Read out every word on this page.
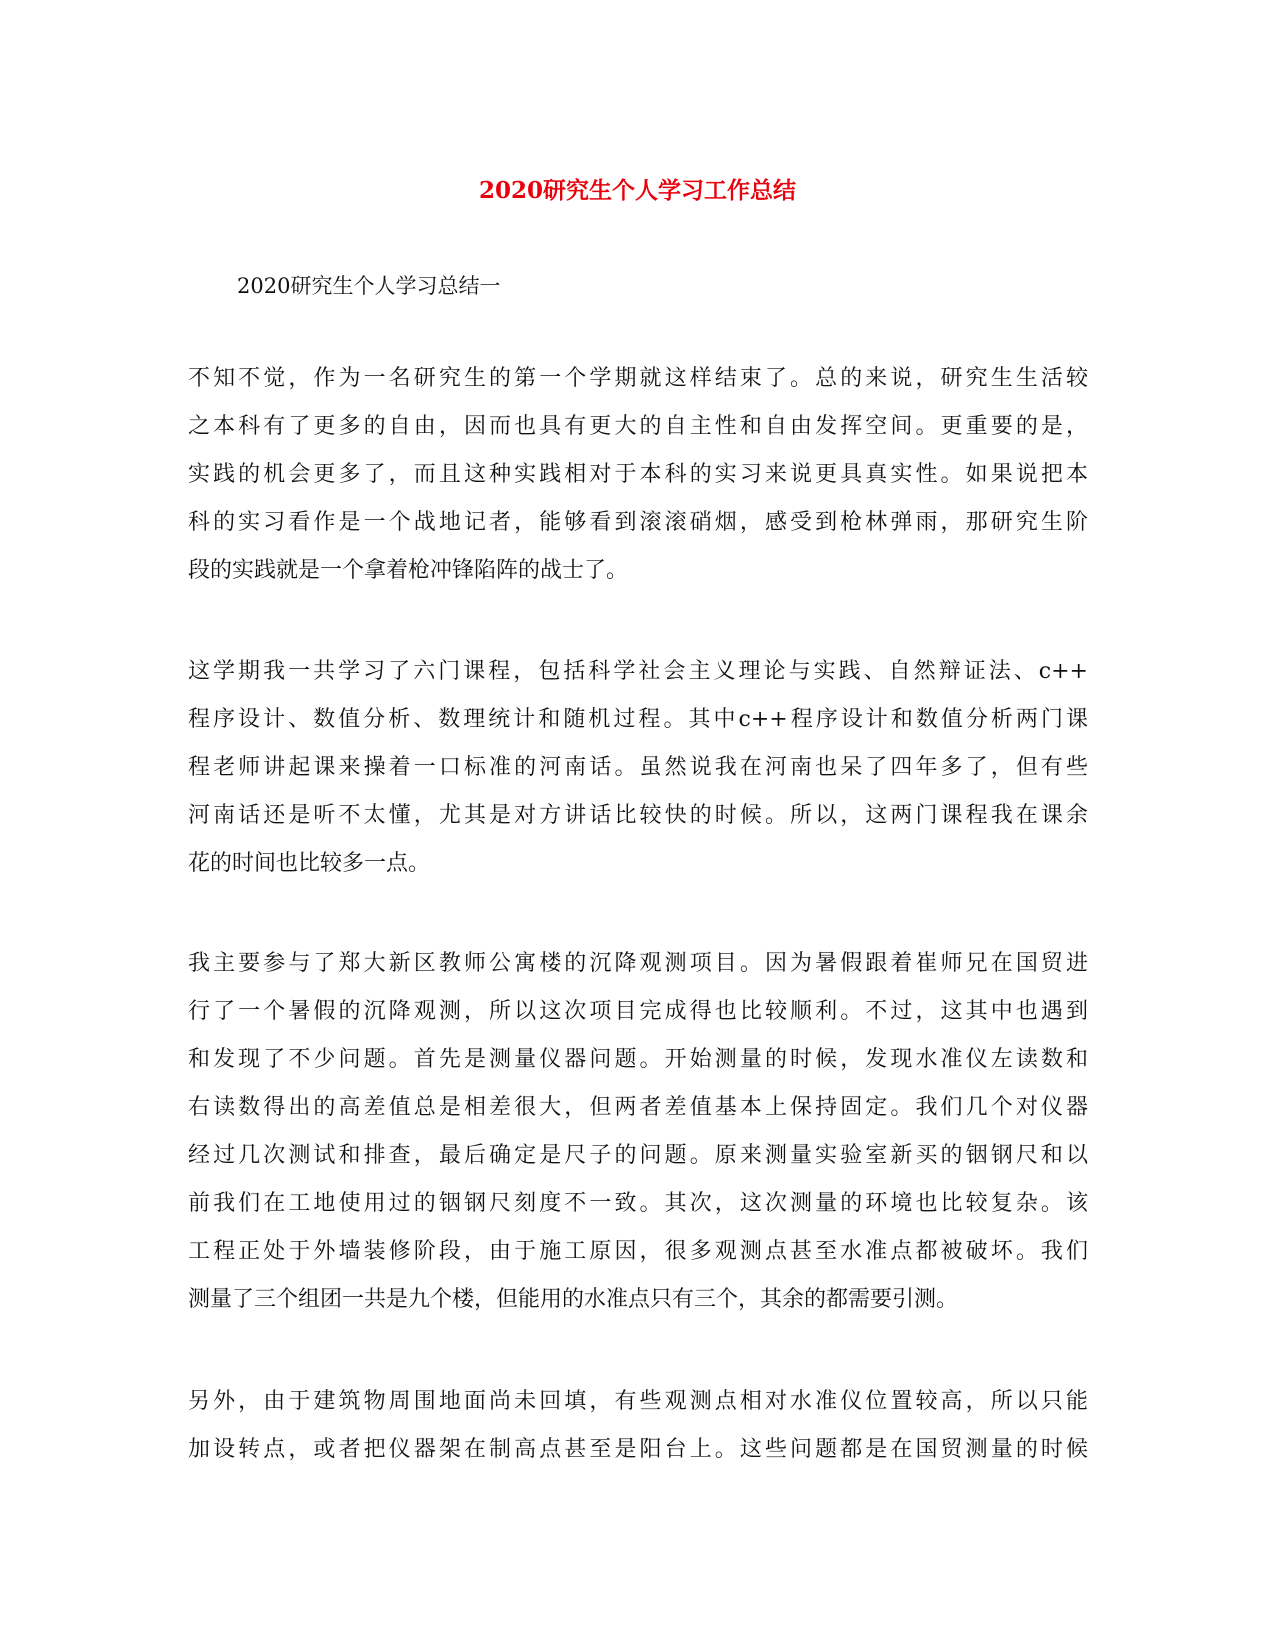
2020研究生个人学习工作总结

2020研究生个人学习总结一

不知不觉，作为一名研究生的第一个学期就这样结束了。总的来说，研究生生活较
之本科有了更多的自由，因而也具有更大的自主性和自由发挥空间。更重要的是，
实践的机会更多了，而且这种实践相对于本科的实习来说更具真实性。如果说把本
科的实习看作是一个战地记者，能够看到滚滚硝烟，感受到枪林弹雨，那研究生阶
段的实践就是一个拿着枪冲锋陷阵的战士了。
这学期我一共学习了六门课程，包括科学社会主义理论与实践、自然辩证法、c++
程序设计、数值分析、数理统计和随机过程。其中c++程序设计和数值分析两门课
程老师讲起课来操着一口标准的河南话。虽然说我在河南也呆了四年多了，但有些
河南话还是听不太懂，尤其是对方讲话比较快的时候。所以，这两门课程我在课余
花的时间也比较多一点。
我主要参与了郑大新区教师公寓楼的沉降观测项目。因为暑假跟着崔师兄在国贸进
行了一个暑假的沉降观测，所以这次项目完成得也比较顺利。不过，这其中也遇到
和发现了不少问题。首先是测量仪器问题。开始测量的时候，发现水准仪左读数和
右读数得出的高差值总是相差很大，但两者差值基本上保持固定。我们几个对仪器
经过几次测试和排查，最后确定是尺子的问题。原来测量实验室新买的铟钢尺和以
前我们在工地使用过的铟钢尺刻度不一致。其次，这次测量的环境也比较复杂。该
工程正处于外墙装修阶段，由于施工原因，很多观测点甚至水准点都被破坏。我们
测量了三个组团一共是九个楼，但能用的水准点只有三个，其余的都需要引测。
另外，由于建筑物周围地面尚未回填，有些观测点相对水准仪位置较高，所以只能
加设转点，或者把仪器架在制高点甚至是阳台上。这些问题都是在国贸测量的时候
